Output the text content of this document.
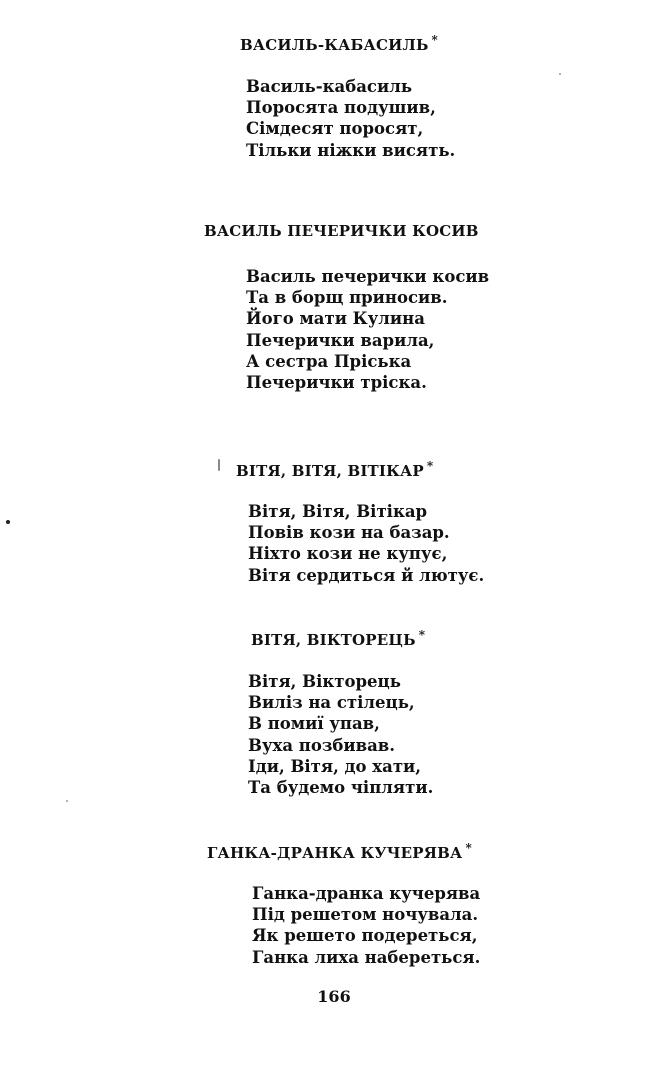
ВАСИЛЬ-КАБАСИЛЬ *
Василь-кабасиль
Поросята подушив,
Сімдесят поросят,
Тільки ніжки висять.
ВАСИЛЬ ПЕЧЕРИЧКИ КОСИВ
Василь печерички косив
Та в борщ приносив.
Його мати Кулина
Печерички варила,
А сестра Пріська
Печерички тріска.
ВІТЯ, ВІТЯ, ВІТІКАР *
Вітя, Вітя, Вітікар
Повів кози на базар.
Ніхто кози не купує,
Вітя сердиться й лютує.
ВІТЯ, ВІКТОРЕЦЬ *
Вітя, Вікторець
Виліз на стілець,
В помиї упав,
Вуха позбивав.
Іди, Вітя, до хати,
Та будемо чіпляти.
ГАНКА-ДРАНКА КУЧЕРЯВА *
Ганка-дранка кучерява
Під решетом ночувала.
Як решето подереться,
Ганка лиха набереться.
166
